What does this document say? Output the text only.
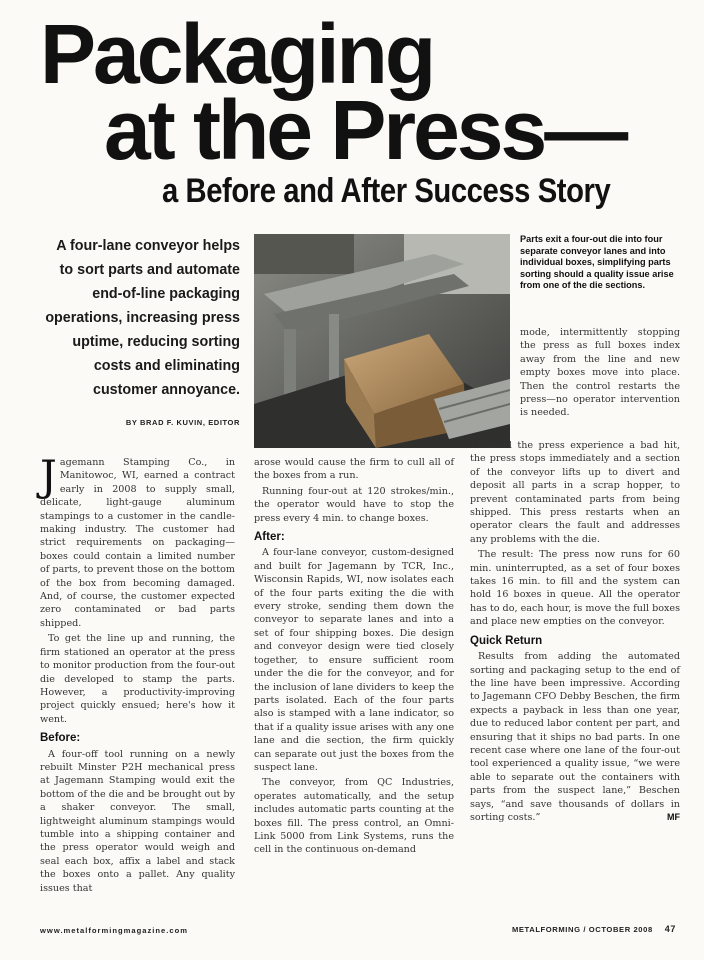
Packaging
at the Press—
a Before and After Success Story
A four-lane conveyor helps to sort parts and automate end-of-line packaging operations, increasing press uptime, reducing sorting costs and eliminating customer annoyance.
BY BRAD F. KUVIN, EDITOR
Parts exit a four-out die into four separate conveyor lanes and into individual boxes, simplifying parts sorting should a quality issue arise from one of the die sections.

Jagemann Stamping Co., in Manitowoc, WI, earned a contract early in 2008 to supply small, delicate, light-gauge aluminum stampings to a customer in the candle-making industry. The customer had strict requirements on packaging—boxes could contain a limited number of parts, to prevent those on the bottom of the box from becoming damaged. And, of course, the customer expected zero contaminated or bad parts shipped.

To get the line up and running, the firm stationed an operator at the press to monitor production from the four-out die developed to stamp the parts. However, a productivity-improving project quickly ensued; here's how it went.

Before:

A four-off tool running on a newly rebuilt Minster P2H mechanical press at Jagemann Stamping would exit the bottom of the die and be brought out by a shaker conveyor. The small, lightweight aluminum stampings would tumble into a shipping container and the press operator would weigh and seal each box, affix a label and stack the boxes onto a pallet. Any quality issues that

arose would cause the firm to cull all of the boxes from a run.

Running four-out at 120 strokes/min., the operator would have to stop the press every 4 min. to change boxes.

After:

A four-lane conveyor, custom-designed and built for Jagemann by TCR, Inc., Wisconsin Rapids, WI, now isolates each of the four parts exiting the die with every stroke, sending them down the conveyor to separate lanes and into a set of four shipping boxes. Die design and conveyor design were tied closely together, to ensure sufficient room under the die for the conveyor, and for the inclusion of lane dividers to keep the parts isolated. Each of the four parts also is stamped with a lane indicator, so that if a quality issue arises with any one lane and die section, the firm quickly can separate out just the boxes from the suspect lane.

The conveyor, from QC Industries, operates automatically, and the setup includes automatic parts counting at the boxes fill. The press control, an Omni-Link 5000 from Link Systems, runs the cell in the continuous on-demand

mode, intermittently stopping the press as full boxes index away from the line and new empty boxes move into place. Then the control restarts the press—no operator intervention is needed.

Should the press experience a bad hit, the press stops immediately and a section of the conveyor lifts up to divert and deposit all parts in a scrap hopper, to prevent contaminated parts from being shipped. This press restarts when an operator clears the fault and addresses any problems with the die.

The result: The press now runs for 60 min. uninterrupted, as a set of four boxes takes 16 min. to fill and the system can hold 16 boxes in queue. All the operator has to do, each hour, is move the full boxes and place new empties on the conveyor.

Quick Return

Results from adding the automated sorting and packaging setup to the end of the line have been impressive. According to Jagemann CFO Debby Beschen, the firm expects a payback in less than one year, due to reduced labor content per part, and ensuring that it ships no bad parts. In one recent case where one lane of the four-out tool experienced a quality issue, “we were able to separate out the containers with parts from the suspect lane,” Beschen says, “and save thousands of dollars in sorting costs.”	MF

www.metalformingmagazine.com	METALFORMING / OCTOBER 2008 47
